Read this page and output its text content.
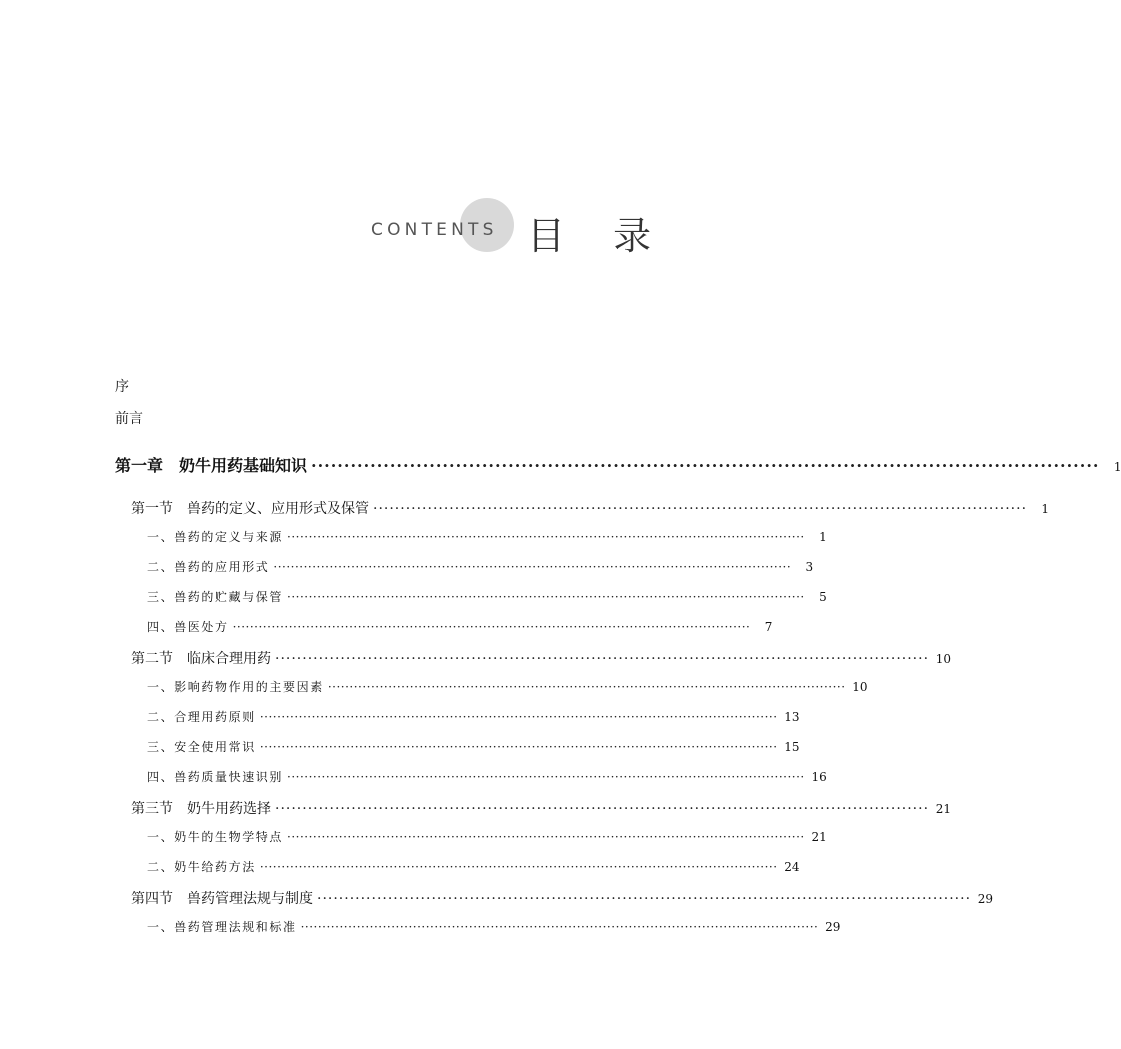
CONTENTS 目 录
序
前言
第一章　奶牛用药基础知识 ························································································································	1
第一节　兽药的定义、应用形式及保管 ························································································································	1
一、兽药的定义与来源 ························································································································	1
二、兽药的应用形式 ························································································································	3
三、兽药的贮藏与保管 ························································································································	5
四、兽医处方 ························································································································	7
第二节　临床合理用药 ························································································································ 10
一、影响药物作用的主要因素 ························································································································ 10
二、合理用药原则 ························································································································ 13
三、安全使用常识 ························································································································ 15
四、兽药质量快速识别 ························································································································ 16
第三节　奶牛用药选择 ························································································································ 21
一、奶牛的生物学特点 ························································································································ 21
二、奶牛给药方法 ························································································································ 24
第四节　兽药管理法规与制度 ························································································································ 29
一、兽药管理法规和标准 ························································································································ 29
